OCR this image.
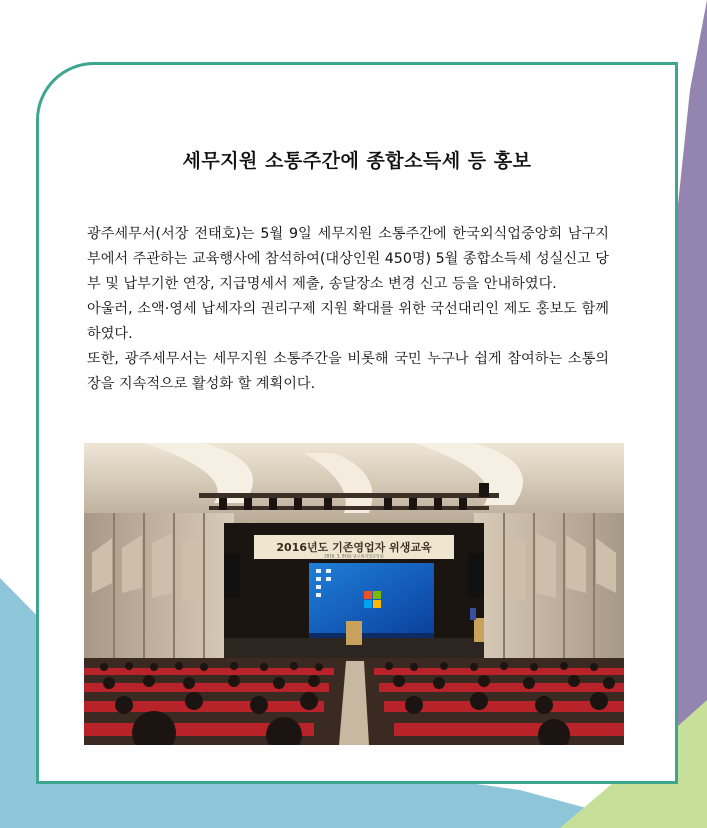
세무지원 소통주간에 종합소득세 등 홍보

광주세무서(서장 전태호)는 5월 9일 세무지원 소통주간에 한국외식업중앙회 남구지부에서 주관하는 교육행사에 참석하여(대상인원 450명) 5월 종합소득세 성실신고 당부 및 납부기한 연장, 지급명세서 제출, 송달장소 변경 신고 등을 안내하였다.

아울러, 소액·영세 납세자의 권리구제 지원 확대를 위한 국선대리인 제도 홍보도 함께 하였다.

또한, 광주세무서는 세무지원 소통주간을 비롯해 국민 누구나 쉽게 참여하는 소통의 장을 지속적으로 활성화 할 계획이다.

2016년도 기존영업자 위생교육
2016. 5. 9(월) 남구외식업중앙회
